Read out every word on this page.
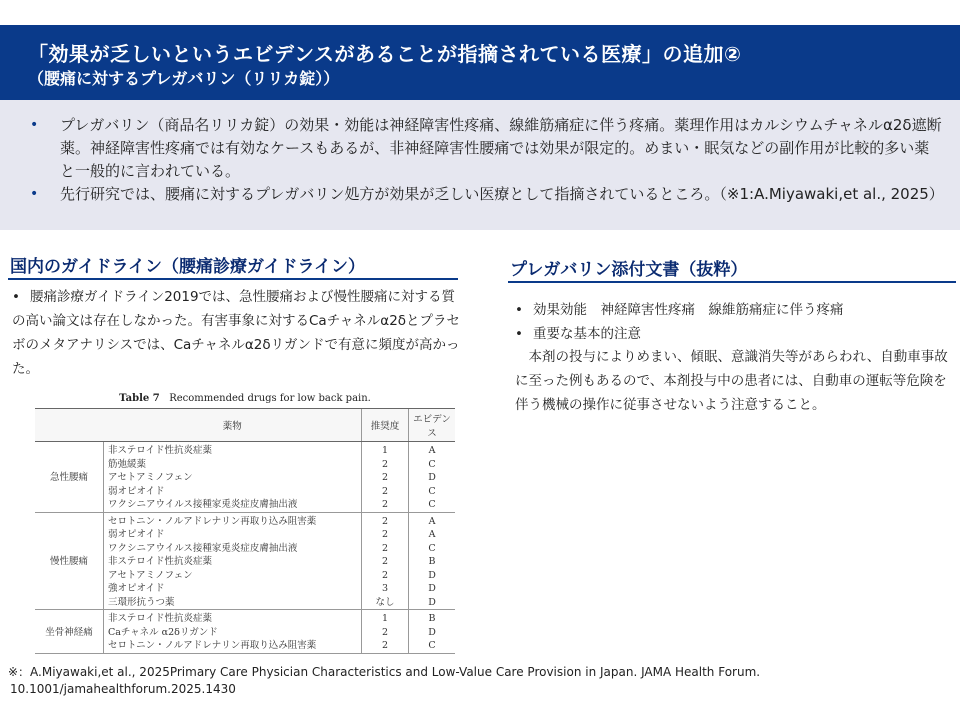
「効果が乏しいというエビデンスがあることが指摘されている医療」の追加②
（腰痛に対するプレガバリン（リリカ錠））
• プレガバリン（商品名リリカ錠）の効果・効能は神経障害性疼痛、線維筋痛症に伴う疼痛。薬理作用はカルシウムチャネルα2δ遮断薬。神経障害性疼痛では有効なケースもあるが、非神経障害性腰痛では効果が限定的。めまい・眠気などの副作用が比較的多い薬と一般的に言われている。
• 先行研究では、腰痛に対するプレガバリン処方が効果が乏しい医療として指摘されているところ。（※1:A.Miyawaki,et al., 2025）
国内のガイドライン（腰痛診療ガイドライン）
• 腰痛診療ガイドライン2019では、急性腰痛および慢性腰痛に対する質の高い論文は存在しなかった。有害事象に対するCaチャネルα2δとプラセボのメタアナリシスでは、Caチャネルα2δリガンドで有意に頻度が高かった。
Table 7 Recommended drugs for low back pain.
	薬物	推奨度	エビデンス
急性腰痛	非ステロイド性抗炎症薬	1	A
	筋弛緩薬	2	C
	アセトアミノフェン	2	D
	弱オピオイド	2	C
	ワクシニアウイルス接種家兎炎症皮膚抽出液	2	C
慢性腰痛	セロトニン・ノルアドレナリン再取り込み阻害薬	2	A
	弱オピオイド	2	A
	ワクシニアウイルス接種家兎炎症皮膚抽出液	2	C
	非ステロイド性抗炎症薬	2	B
	アセトアミノフェン	2	D
	強オピオイド	3	D
	三環形抗うつ薬	なし	D
坐骨神経痛	非ステロイド性抗炎症薬	1	B
	Caチャネル α2δリガンド	2	D
	セロトニン・ノルアドレナリン再取り込み阻害薬	2	C
プレガバリン添付文書（抜粋）
• 効果効能　神経障害性疼痛　線維筋痛症に伴う疼痛
• 重要な基本的注意
本剤の投与によりめまい、傾眠、意識消失等があらわれ、自動車事故に至った例もあるので、本剤投与中の患者には、自動車の運転等危険を伴う機械の操作に従事させないよう注意すること。
※：A.Miyawaki,et al., 2025Primary Care Physician Characteristics and Low-Value Care Provision in Japan. JAMA Health Forum.
10.1001/jamahealthforum.2025.1430
